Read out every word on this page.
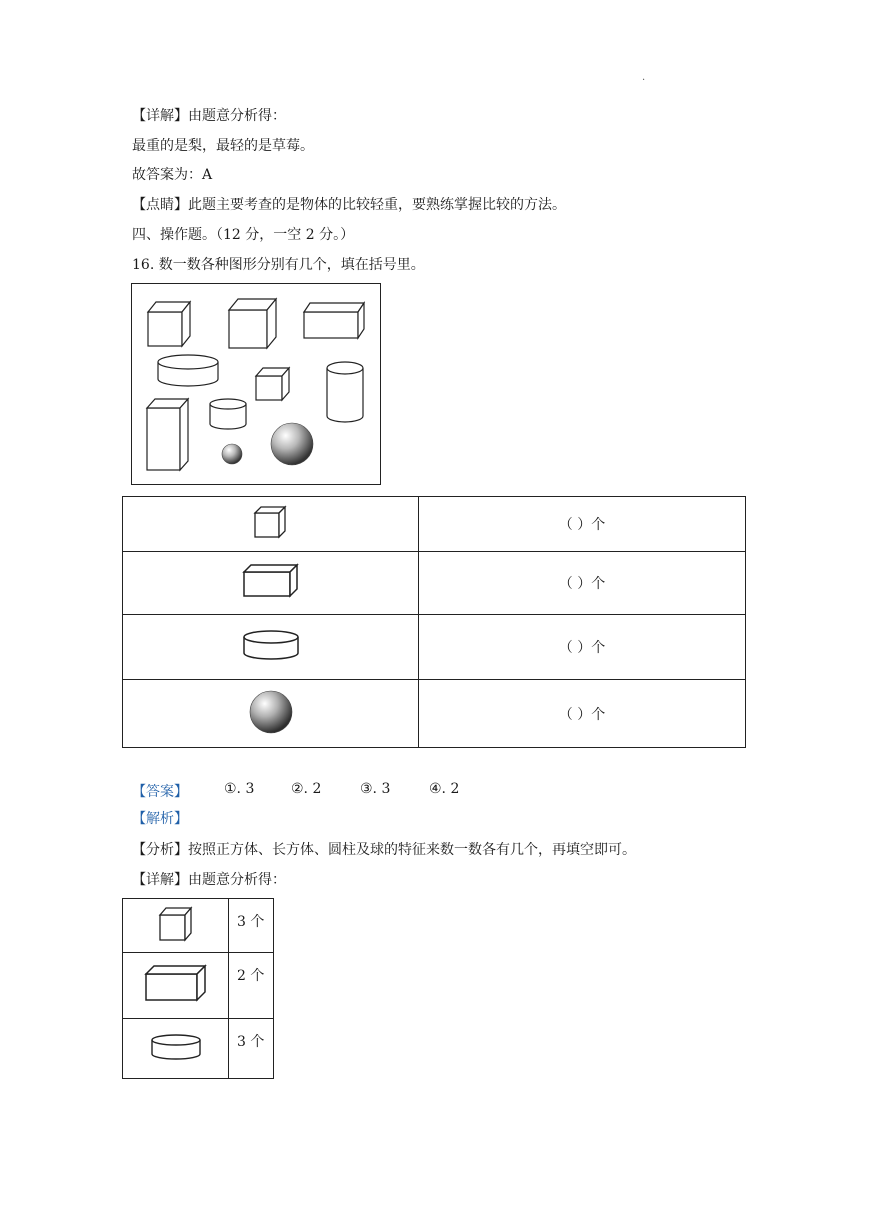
.
【详解】由题意分析得：
最重的是梨，最轻的是草莓。
故答案为：A
【点睛】此题主要考查的是物体的比较轻重，要熟练掌握比较的方法。
四、操作题。（12 分，一空 2 分。）
16. 数一数各种图形分别有几个，填在括号里。
	（ ）个
	（ ）个
	（ ）个
	（ ）个
【答案】	①. 3	②. 2	③. 3	④. 2
【解析】
【分析】按照正方体、长方体、圆柱及球的特征来数一数各有几个，再填空即可。
【详解】由题意分析得：
	3 个
	2 个
	3 个
